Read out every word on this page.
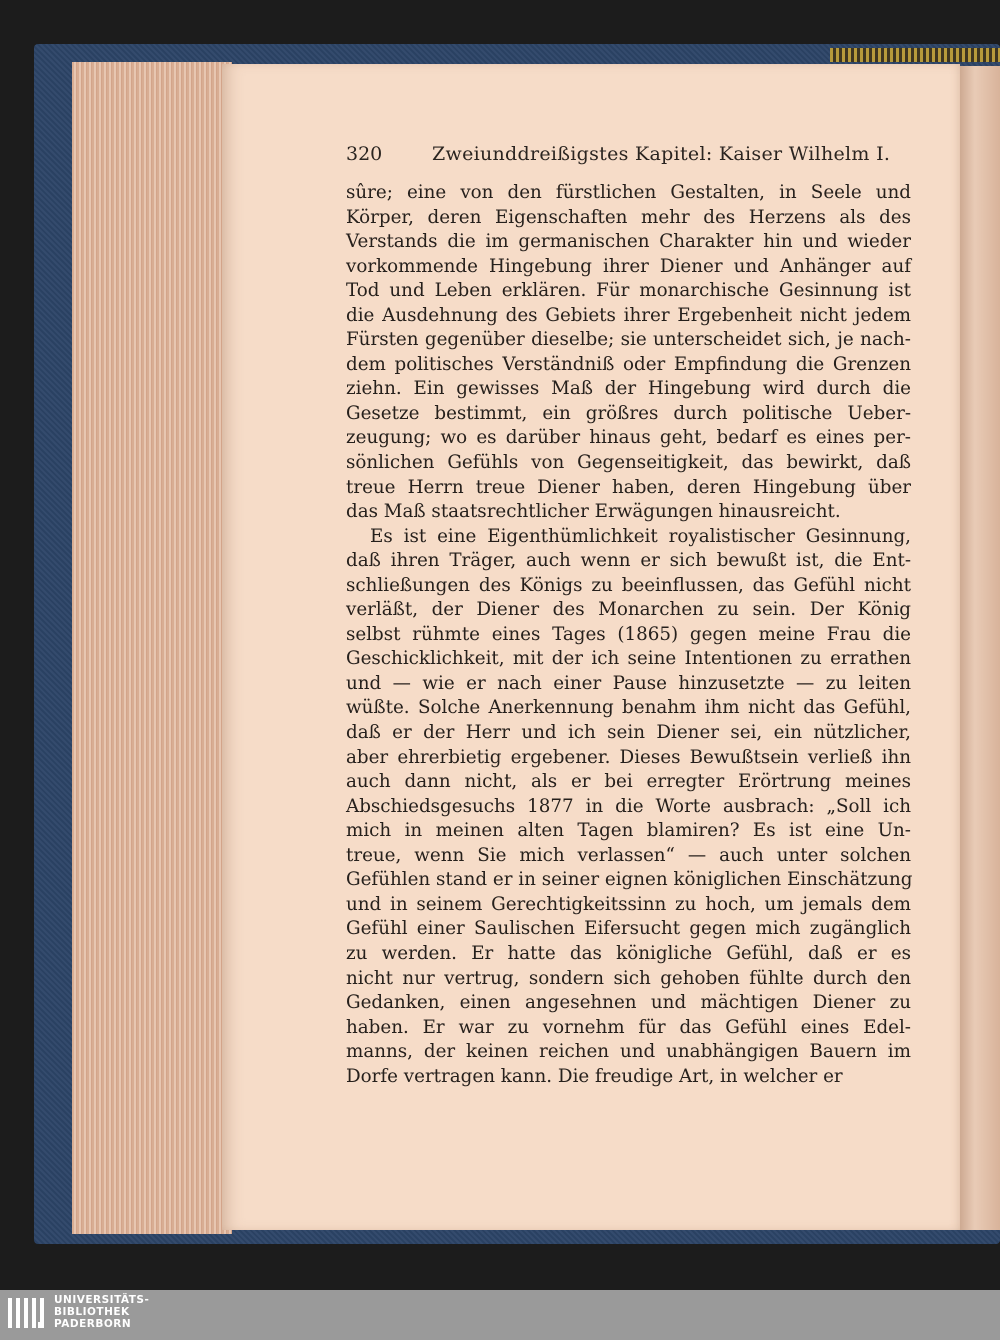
320	Zweiunddreißigstes Kapitel: Kaiser Wilhelm I.
sûre; eine von den fürstlichen Gestalten, in Seele und
Körper, deren Eigenschaften mehr des Herzens als des
Verstands die im germanischen Charakter hin und wieder
vorkommende Hingebung ihrer Diener und Anhänger auf
Tod und Leben erklären. Für monarchische Gesinnung ist
die Ausdehnung des Gebiets ihrer Ergebenheit nicht jedem
Fürsten gegenüber dieselbe; sie unterscheidet sich, je nach-
dem politisches Verständniß oder Empfindung die Grenzen
ziehn. Ein gewisses Maß der Hingebung wird durch die
Gesetze bestimmt, ein größres durch politische Ueber-
zeugung; wo es darüber hinaus geht, bedarf es eines per-
sönlichen Gefühls von Gegenseitigkeit, das bewirkt, daß
treue Herrn treue Diener haben, deren Hingebung über
das Maß staatsrechtlicher Erwägungen hinausreicht.
Es ist eine Eigenthümlichkeit royalistischer Gesinnung,
daß ihren Träger, auch wenn er sich bewußt ist, die Ent-
schließungen des Königs zu beeinflussen, das Gefühl nicht
verläßt, der Diener des Monarchen zu sein. Der König
selbst rühmte eines Tages (1865) gegen meine Frau die
Geschicklichkeit, mit der ich seine Intentionen zu errathen
und — wie er nach einer Pause hinzusetzte — zu leiten
wüßte. Solche Anerkennung benahm ihm nicht das Gefühl,
daß er der Herr und ich sein Diener sei, ein nützlicher,
aber ehrerbietig ergebener. Dieses Bewußtsein verließ ihn
auch dann nicht, als er bei erregter Erörtrung meines
Abschiedsgesuchs 1877 in die Worte ausbrach: „Soll ich
mich in meinen alten Tagen blamiren? Es ist eine Un-
treue, wenn Sie mich verlassen“ — auch unter solchen
Gefühlen stand er in seiner eignen königlichen Einschätzung
und in seinem Gerechtigkeitssinn zu hoch, um jemals dem
Gefühl einer Saulischen Eifersucht gegen mich zugänglich
zu werden. Er hatte das königliche Gefühl, daß er es
nicht nur vertrug, sondern sich gehoben fühlte durch den
Gedanken, einen angesehnen und mächtigen Diener zu
haben. Er war zu vornehm für das Gefühl eines Edel-
manns, der keinen reichen und unabhängigen Bauern im
Dorfe vertragen kann. Die freudige Art, in welcher er
UNIVERSITÄTS-
BIBLIOTHEK
PADERBORN
